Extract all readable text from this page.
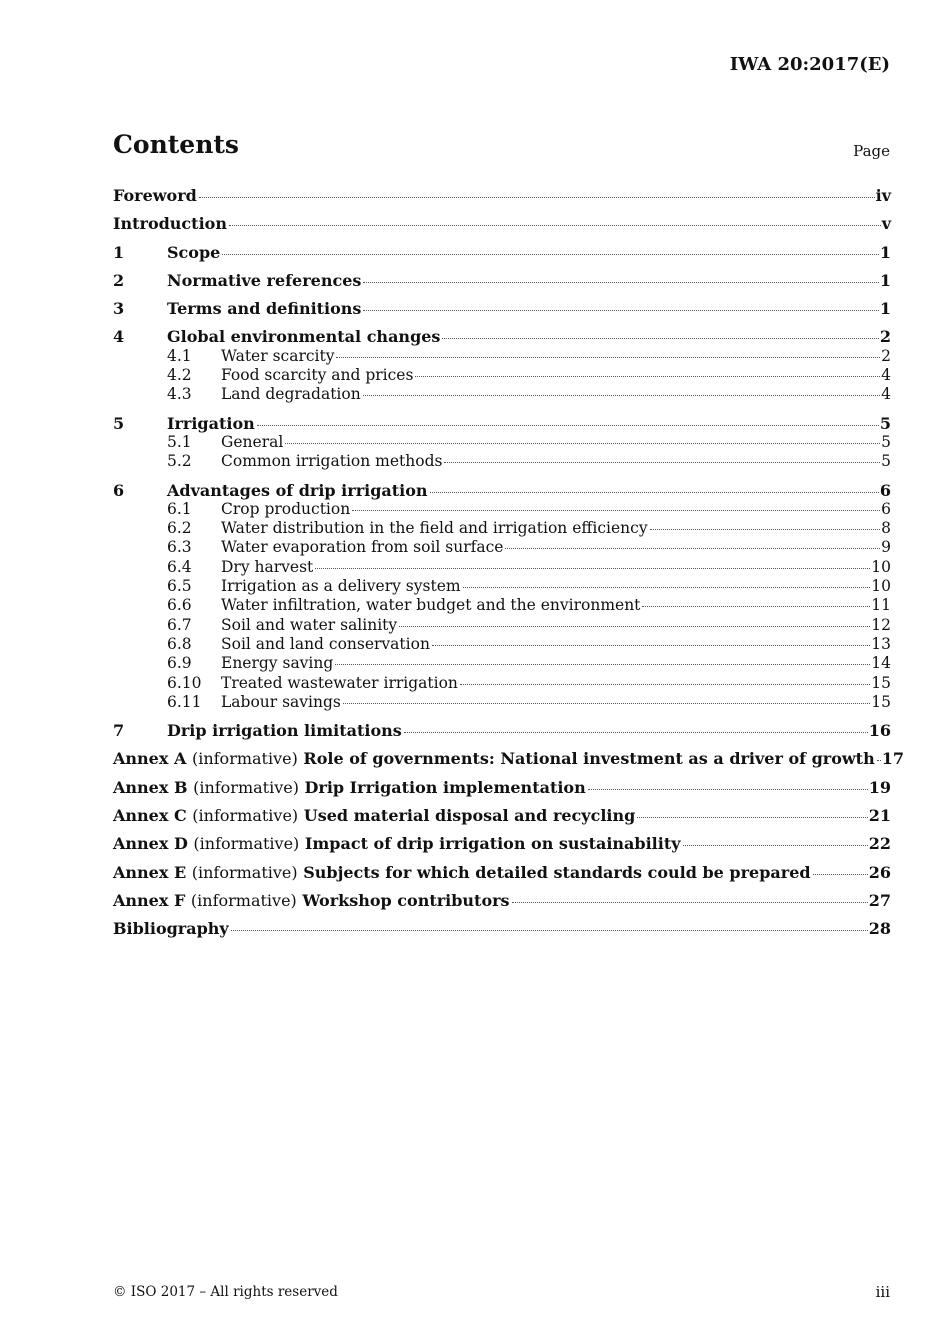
IWA 20:2017(E)
Contents	Page
Foreword	iv
Introduction	v
1	Scope	1
2	Normative references	1
3	Terms and definitions	1
4	Global environmental changes	2
4.1	Water scarcity	2
4.2	Food scarcity and prices	4
4.3	Land degradation	4
5	Irrigation	5
5.1	General	5
5.2	Common irrigation methods	5
6	Advantages of drip irrigation	6
6.1	Crop production	6
6.2	Water distribution in the field and irrigation efficiency	8
6.3	Water evaporation from soil surface	9
6.4	Dry harvest	10
6.5	Irrigation as a delivery system	10
6.6	Water infiltration, water budget and the environment	11
6.7	Soil and water salinity	12
6.8	Soil and land conservation	13
6.9	Energy saving	14
6.10	Treated wastewater irrigation	15
6.11	Labour savings	15
7	Drip irrigation limitations	16
Annex A (informative) Role of governments: National investment as a driver of growth 17
Annex B (informative) Drip Irrigation implementation	19
Annex C (informative) Used material disposal and recycling	21
Annex D (informative) Impact of drip irrigation on sustainability	22
Annex E (informative) Subjects for which detailed standards could be prepared	26
Annex F (informative) Workshop contributors	27
Bibliography	28
© ISO 2017 – All rights reserved	iii
